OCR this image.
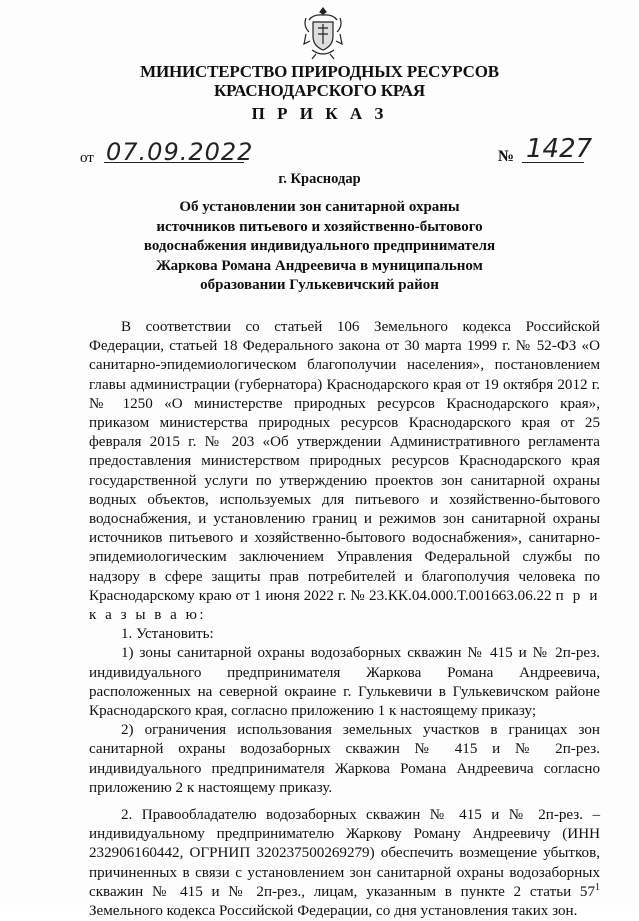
МИНИСТЕРСТВО ПРИРОДНЫХ РЕСУРСОВ
КРАСНОДАРСКОГО КРАЯ
П Р И К А З
от 07.09.2022	№ 1427
г. Краснодар
Об установлении зон санитарной охраны
источников питьевого и хозяйственно-бытового
водоснабжения индивидуального предпринимателя
Жаркова Романа Андреевича в муниципальном
образовании Гулькевичский район

В соответствии со статьей 106 Земельного кодекса Российской Федерации, статьей 18 Федерального закона от 30 марта 1999 г. № 52-ФЗ «О санитарно-эпидемиологическом благополучии населения», постановлением главы администрации (губернатора) Краснодарского края от 19 октября 2012 г. № 1250 «О министерстве природных ресурсов Краснодарского края», приказом министерства природных ресурсов Краснодарского края от 25 февраля 2015 г. № 203 «Об утверждении Административного регламента предоставления министерством природных ресурсов Краснодарского края государственной услуги по утверждению проектов зон санитарной охраны водных объектов, используемых для питьевого и хозяйственно-бытового водоснабжения, и установлению границ и режимов зон санитарной охраны источников питьевого и хозяйственно-бытового водоснабжения», санитарно-эпидемиологическим заключением Управления Федеральной службы по надзору в сфере защиты прав потребителей и благополучия человека по Краснодарскому краю от 1 июня 2022 г. № 23.КК.04.000.Т.001663.06.22 п р и к а з ы в а ю:

1. Установить:

1) зоны санитарной охраны водозаборных скважин № 415 и № 2п-рез. индивидуального предпринимателя Жаркова Романа Андреевича, расположенных на северной окраине г. Гулькевичи в Гулькевичском районе Краснодарского края, согласно приложению 1 к настоящему приказу;

2) ограничения использования земельных участков в границах зон санитарной охраны водозаборных скважин № 415 и № 2п-рез. индивидуального предпринимателя Жаркова Романа Андреевича согласно приложению 2 к настоящему приказу.

2. Правообладателю водозаборных скважин № 415 и № 2п-рез. – индивидуальному предпринимателю Жаркову Роману Андреевичу (ИНН 232906160442, ОГРНИП 320237500269279) обеспечить возмещение убытков, причиненных в связи с установлением зон санитарной охраны водозаборных скважин № 415 и № 2п-рез., лицам, указанным в пункте 2 статьи $57^1$ Земельного кодекса Российской Федерации, со дня установления таких зон.
